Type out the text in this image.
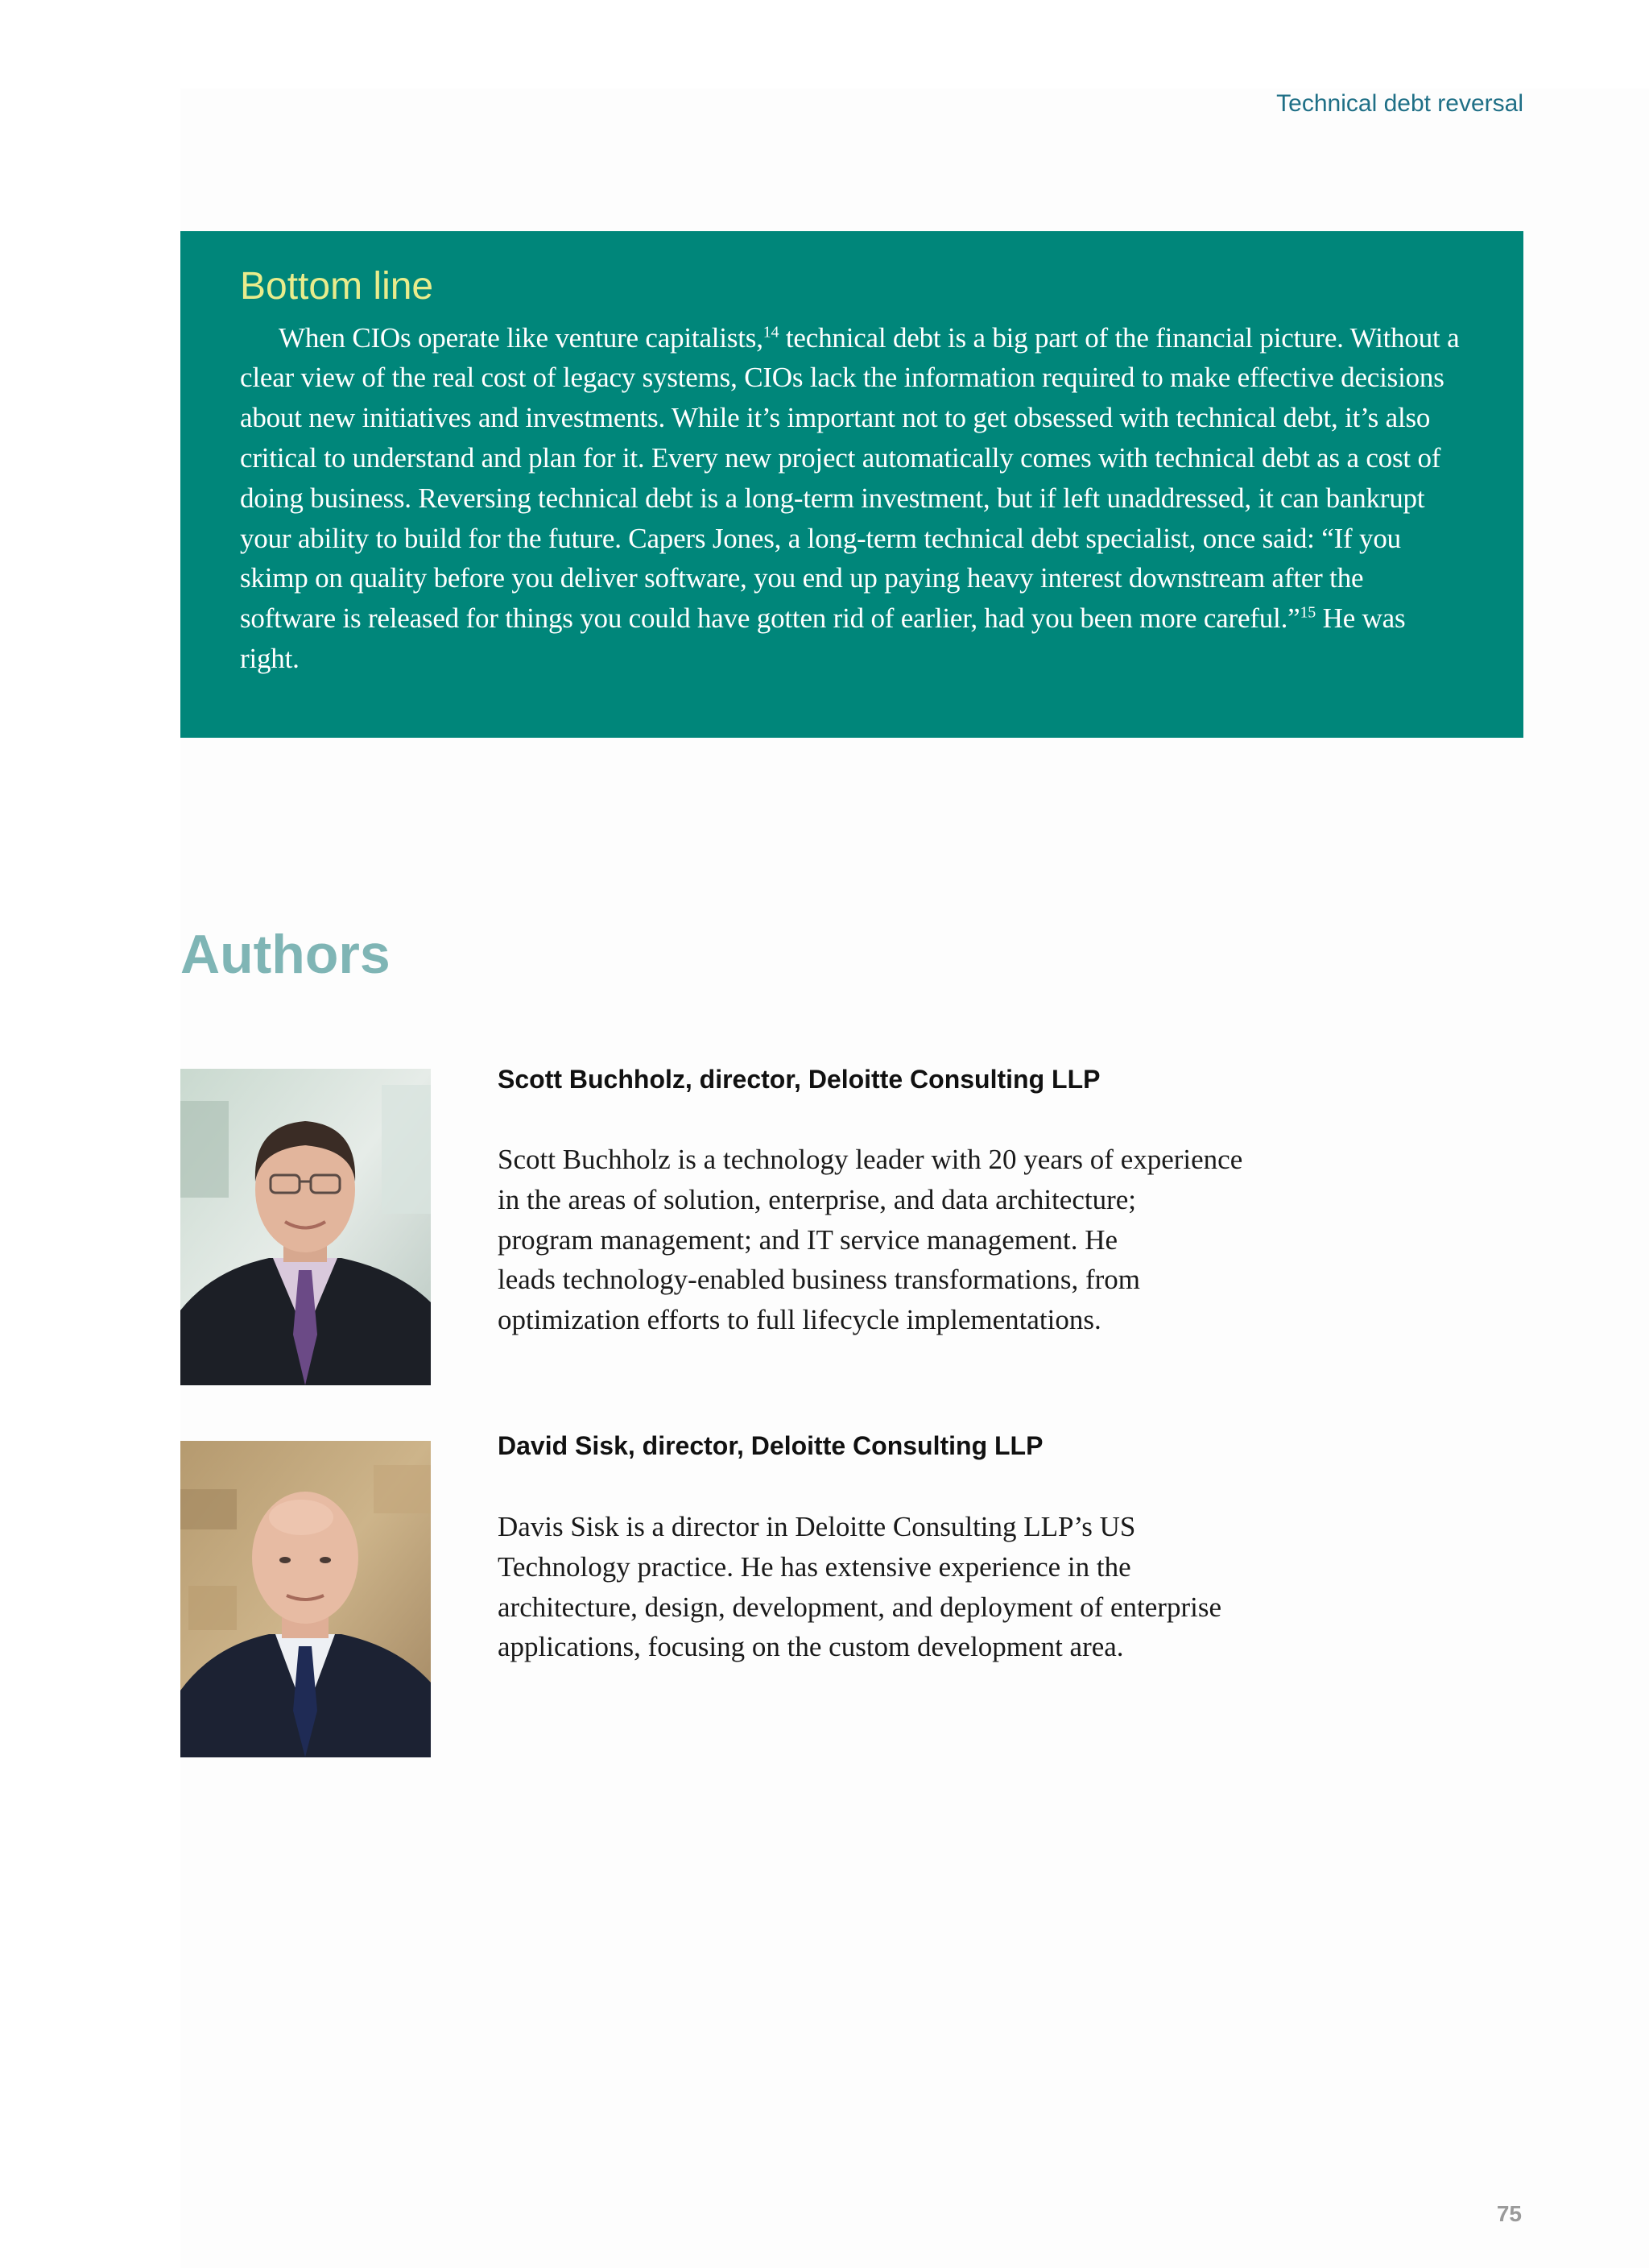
Technical debt reversal
Bottom line

When CIOs operate like venture capitalists,$^{14}$ technical debt is a big part of the financial picture. Without a clear view of the real cost of legacy systems, CIOs lack the information required to make effective decisions about new initiatives and investments. While it’s important not to get obsessed with technical debt, it’s also critical to understand and plan for it. Every new project automatically comes with technical debt as a cost of doing business. Reversing technical debt is a long-term investment, but if left unaddressed, it can bankrupt your ability to build for the future. Capers Jones, a long-term technical debt specialist, once said: “If you skimp on quality before you deliver software, you end up paying heavy interest downstream after the software is released for things you could have gotten rid of earlier, had you been more careful.”$^{15}$ He was right.

Authors

Scott Buchholz, director, Deloitte Consulting LLP

Scott Buchholz is a technology leader with 20 years of experience
in the areas of solution, enterprise, and data architecture;
program management; and IT service management. He
leads technology-enabled business transformations, from
optimization efforts to full lifecycle implementations.

David Sisk, director, Deloitte Consulting LLP

Davis Sisk is a director in Deloitte Consulting LLP’s US
Technology practice. He has extensive experience in the
architecture, design, development, and deployment of enterprise
applications, focusing on the custom development area.
75
